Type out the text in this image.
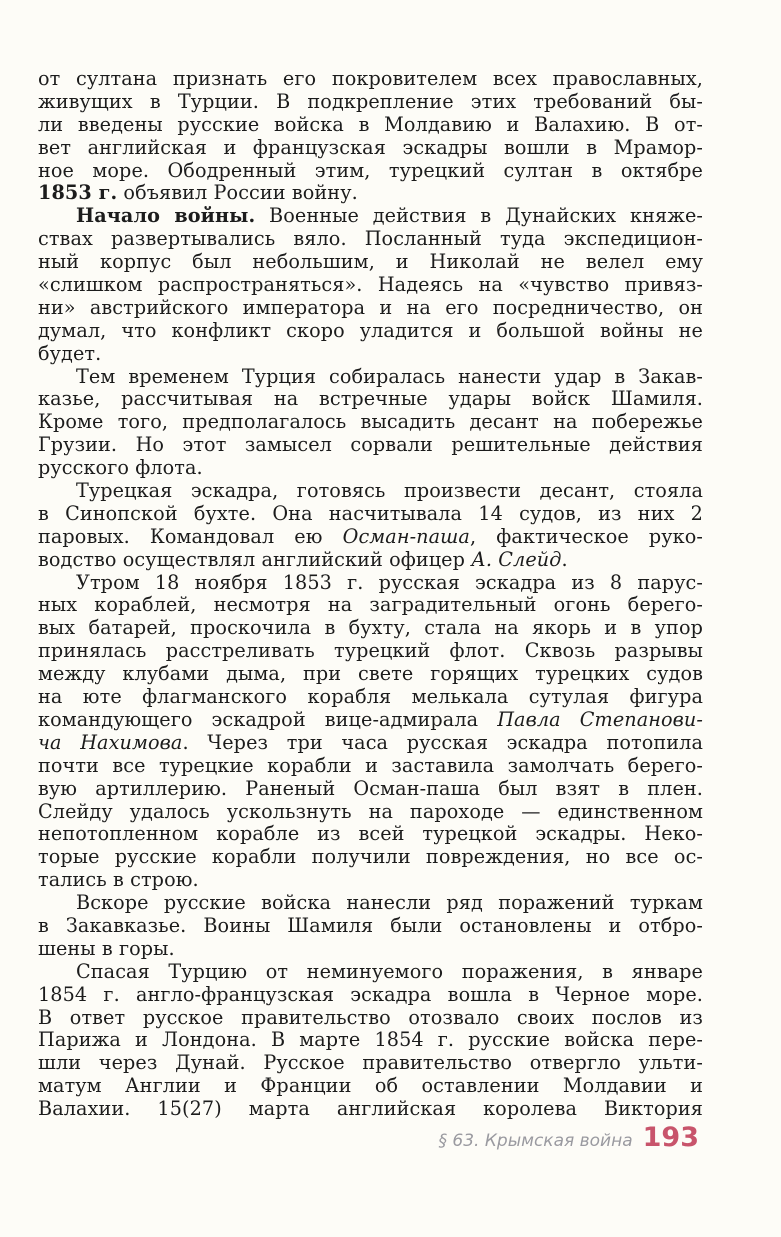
от султана признать его покровителем всех православных,
живущих в Турции. В подкрепление этих требований бы-
ли введены русские войска в Молдавию и Валахию. В от-
вет английская и французская эскадры вошли в Мрамор-
ное море. Ободренный этим, турецкий султан в октябре
1853 г. объявил России войну.
Начало войны. Военные действия в Дунайских княже-
ствах развертывались вяло. Посланный туда экспедицион-
ный корпус был небольшим, и Николай не велел ему
«слишком распространяться». Надеясь на «чувство привяз-
ни» австрийского императора и на его посредничество, он
думал, что конфликт скоро уладится и большой войны не
будет.
Тем временем Турция собиралась нанести удар в Закав-
казье, рассчитывая на встречные удары войск Шамиля.
Кроме того, предполагалось высадить десант на побережье
Грузии. Но этот замысел сорвали решительные действия
русского флота.
Турецкая эскадра, готовясь произвести десант, стояла
в Синопской бухте. Она насчитывала 14 судов, из них 2
паровых. Командовал ею Осман-паша, фактическое руко-
водство осуществлял английский офицер А. Слейд.
Утром 18 ноября 1853 г. русская эскадра из 8 парус-
ных кораблей, несмотря на заградительный огонь берего-
вых батарей, проскочила в бухту, стала на якорь и в упор
принялась расстреливать турецкий флот. Сквозь разрывы
между клубами дыма, при свете горящих турецких судов
на юте флагманского корабля мелькала сутулая фигура
командующего эскадрой вице-адмирала Павла Степанови-
ча Нахимова. Через три часа русская эскадра потопила
почти все турецкие корабли и заставила замолчать берего-
вую артиллерию. Раненый Осман-паша был взят в плен.
Слейду удалось ускользнуть на пароходе — единственном
непотопленном корабле из всей турецкой эскадры. Неко-
торые русские корабли получили повреждения, но все ос-
тались в строю.
Вскоре русские войска нанесли ряд поражений туркам
в Закавказье. Воины Шамиля были остановлены и отбро-
шены в горы.
Спасая Турцию от неминуемого поражения, в январе
1854 г. англо-французская эскадра вошла в Черное море.
В ответ русское правительство отозвало своих послов из
Парижа и Лондона. В марте 1854 г. русские войска пере-
шли через Дунай. Русское правительство отвергло ульти-
матум Англии и Франции об оставлении Молдавии и
Валахии. 15(27) марта английская королева Виктория
§ 63. Крымская война 193
